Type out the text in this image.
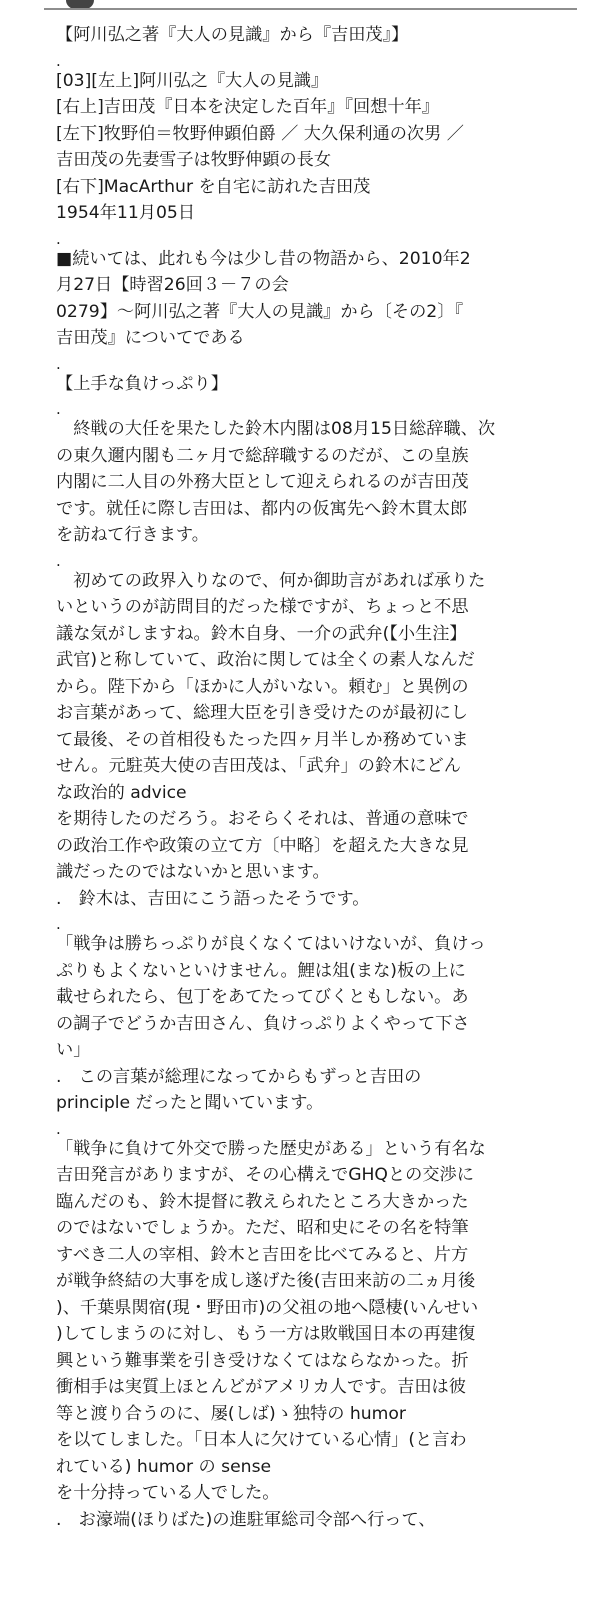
【阿川弘之著『大人の見識』から『吉田茂』】

.

[03][左上]阿川弘之『大人の見識』
[右上]吉田茂『日本を決定した百年』『回想十年』
[左下]牧野伯＝牧野伸顕伯爵 ／ 大久保利通の次男 ／
吉田茂の先妻雪子は牧野伸顕の長女
[右下]MacArthur を自宅に訪れた吉田茂
1954年11月05日

.

■続いては、此れも今は少し昔の物語から、2010年2
月27日【時習26回３－７の会
0279】～阿川弘之著『大人の見識』から〔その2〕『
吉田茂』についてである

.

【上手な負けっぷり】

.

　終戦の大任を果たした鈴木内閣は08月15日総辞職、次
の東久邇内閣も二ヶ月で総辞職するのだが、この皇族
内閣に二人目の外務大臣として迎えられるのが吉田茂
です。就任に際し吉田は、都内の仮寓先へ鈴木貫太郎
を訪ねて行きます。

.

　初めての政界入りなので、何か御助言があれば承りた
いというのが訪問目的だった様ですが、ちょっと不思
議な気がしますね。鈴木自身、一介の武弁(【小生注】
武官)と称していて、政治に関しては全くの素人なんだ
から。陛下から「ほかに人がいない。頼む」と異例の
お言葉があって、総理大臣を引き受けたのが最初にし
て最後、その首相役もたった四ヶ月半しか務めていま
せん。元駐英大使の吉田茂は、「武弁」の鈴木にどん
な政治的 advice
を期待したのだろう。おそらくそれは、普通の意味で
の政治工作や政策の立て方〔中略〕を超えた大きな見
識だったのではないかと思います。
.　鈴木は、吉田にこう語ったそうです。

.

「戦争は勝ちっぷりが良くなくてはいけないが、負けっ
ぷりもよくないといけません。鯉は俎(まな)板の上に
載せられたら、包丁をあてたってびくともしない。あ
の調子でどうか吉田さん、負けっぷりよくやって下さ
い」
.　この言葉が総理になってからもずっと吉田の
principle だったと聞いています。

.

「戦争に負けて外交で勝った歴史がある」という有名な
吉田発言がありますが、その心構えでGHQとの交渉に
臨んだのも、鈴木提督に教えられたところ大きかった
のではないでしょうか。ただ、昭和史にその名を特筆
すべき二人の宰相、鈴木と吉田を比べてみると、片方
が戦争終結の大事を成し遂げた後(吉田来訪の二ヵ月後
)、千葉県関宿(現・野田市)の父祖の地へ隠棲(いんせい
)してしまうのに対し、もう一方は敗戦国日本の再建復
興という難事業を引き受けなくてはならなかった。折
衝相手は実質上ほとんどがアメリカ人です。吉田は彼
等と渡り合うのに、屡(しば)ゝ独特の humor
を以てしました。「日本人に欠けている心情」(と言わ
れている) humor の sense
を十分持っている人でした。
.　お濠端(ほりばた)の進駐軍総司令部へ行って、
